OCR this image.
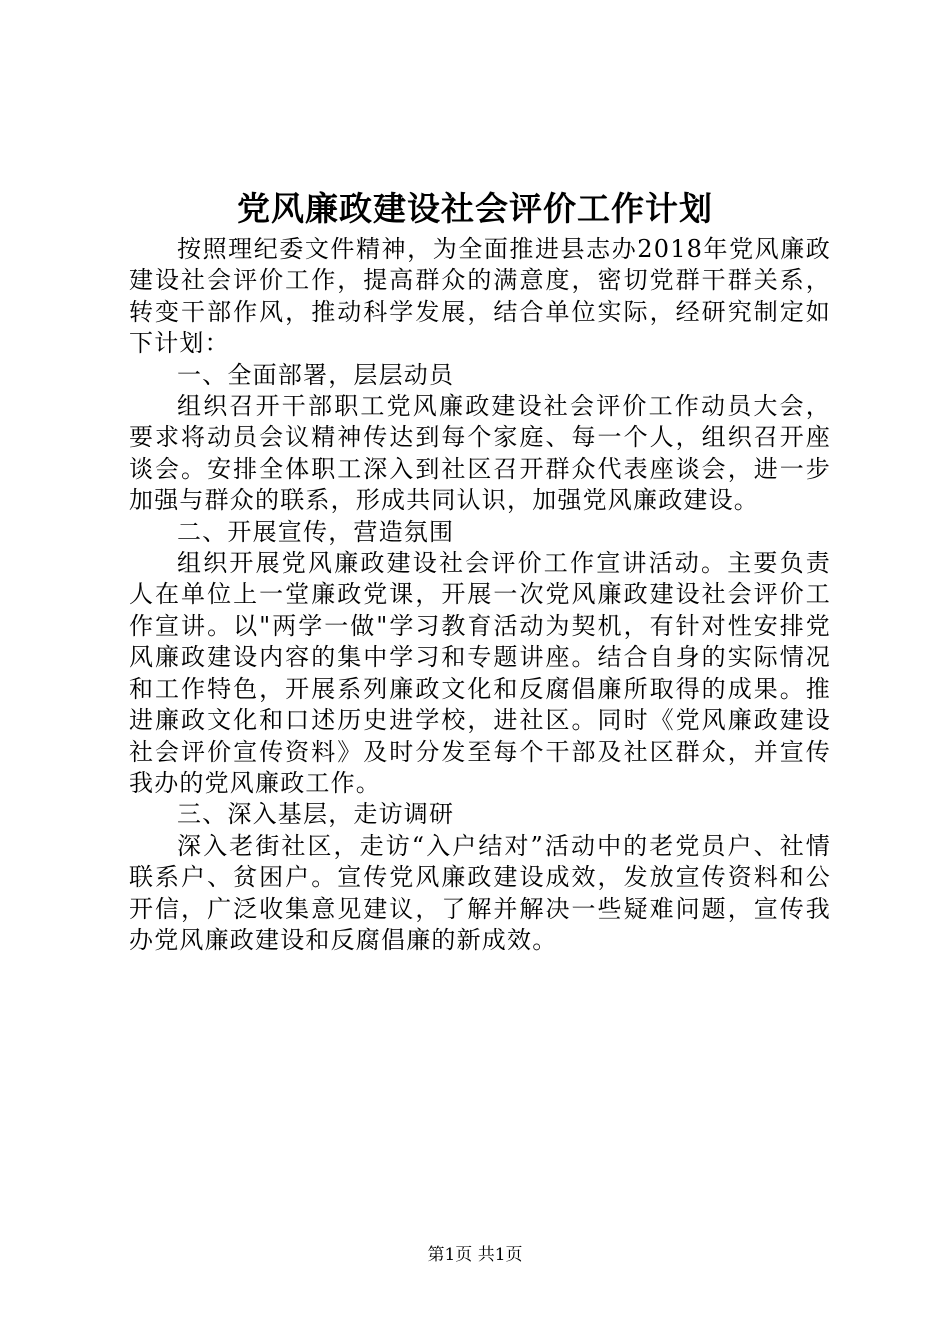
党风廉政建设社会评价工作计划

按照理纪委文件精神，为全面推进县志办2018年党风廉政建设社会评价工作，提高群众的满意度，密切党群干群关系，转变干部作风，推动科学发展，结合单位实际，经研究制定如下计划：

一、全面部署，层层动员

组织召开干部职工党风廉政建设社会评价工作动员大会，要求将动员会议精神传达到每个家庭、每一个人，组织召开座谈会。安排全体职工深入到社区召开群众代表座谈会，进一步加强与群众的联系，形成共同认识，加强党风廉政建设。

二、开展宣传，营造氛围

组织开展党风廉政建设社会评价工作宣讲活动。主要负责人在单位上一堂廉政党课，开展一次党风廉政建设社会评价工作宣讲。以"两学一做"学习教育活动为契机，有针对性安排党风廉政建设内容的集中学习和专题讲座。结合自身的实际情况和工作特色，开展系列廉政文化和反腐倡廉所取得的成果。推进廉政文化和口述历史进学校，进社区。同时《党风廉政建设社会评价宣传资料》及时分发至每个干部及社区群众，并宣传我办的党风廉政工作。

三、深入基层，走访调研

深入老街社区，走访“入户结对”活动中的老党员户、社情联系户、贫困户。宣传党风廉政建设成效，发放宣传资料和公开信，广泛收集意见建议，了解并解决一些疑难问题，宣传我办党风廉政建设和反腐倡廉的新成效。

第1页 共1页
